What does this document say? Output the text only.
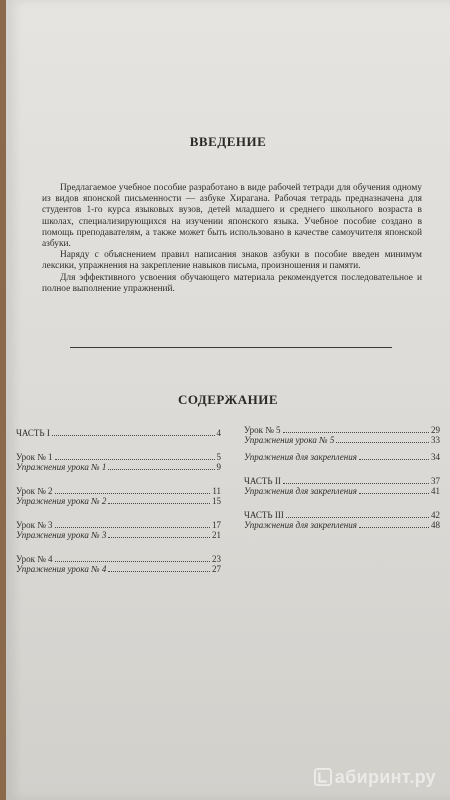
ВВЕДЕНИЕ

Предлагаемое учебное пособие разработано в виде рабочей тетради для обучения одному из видов японской письменности — азбуке Хирагана. Рабочая тетрадь предназначена для студентов 1-го курса языковых вузов, детей младшего и среднего школьного возраста в школах, специализирующихся на изучении японского языка. Учебное пособие создано в помощь преподавателям, а также может быть использовано в качестве самоучителя японской азбуки.

Наряду с объяснением правил написания знаков азбуки в пособие введен минимум лексики, упражнения на закрепление навыков письма, произношения и памяти.

Для эффективного усвоения обучающего материала рекомендуется последовательное и полное выполнение упражнений.

СОДЕРЖАНИЕ
ЧАСТЬ I	4
Урок № 1	5
Упражнения урока № 1	9
Урок № 2	11
Упражнения урока № 2	15
Урок № 3	17
Упражнения урока № 3	21
Урок № 4	23
Упражнения урока № 4	27
Урок № 5	29
Упражнения урока № 5	33
Упражнения для закрепления	34
ЧАСТЬ II	37
Упражнения для закрепления	41
ЧАСТЬ III	42
Упражнения для закрепления	48
абиринт.ру
